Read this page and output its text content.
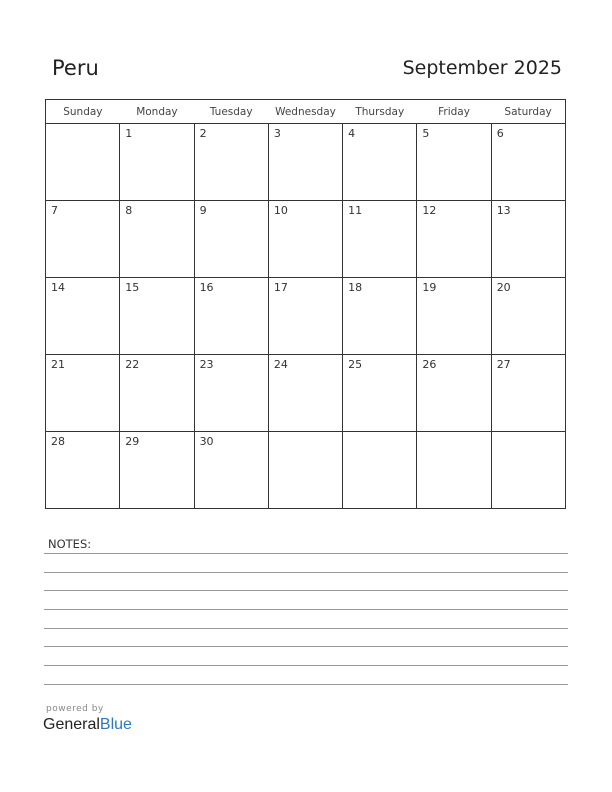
Peru	September 2025
Sunday	Monday	Tuesday	Wednesday	Thursday	Friday	Saturday

	1	2	3	4	5	6

7	8	9	10	11	12	13

14	15	16	17	18	19	20

21	22	23	24	25	26	27

28	29	30				

NOTES:
powered by
GeneralBlue
